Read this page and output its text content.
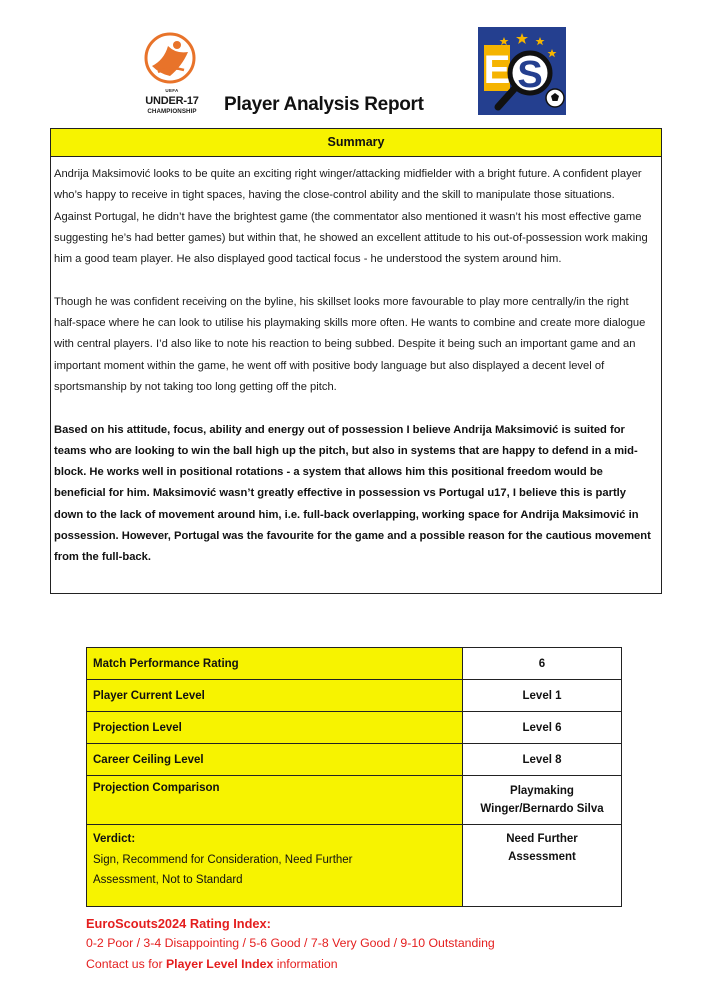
UEFA
UNDER-17
CHAMPIONSHIP	Player Analysis Report
E S
Summary

Andrija Maksimović looks to be quite an exciting right winger/attacking midfielder with a bright future. A confident player who’s happy to receive in tight spaces, having the close-control ability and the skill to manipulate those situations. Against Portugal, he didn’t have the brightest game (the commentator also mentioned it wasn’t his most effective game suggesting he’s had better games) but within that, he showed an excellent attitude to his out-of-possession work making him a good team player. He also displayed good tactical focus - he understood the system around him.

Though he was confident receiving on the byline, his skillset looks more favourable to play more centrally/in the right half-space where he can look to utilise his playmaking skills more often. He wants to combine and create more dialogue with central players. I’d also like to note his reaction to being subbed. Despite it being such an important game and an important moment within the game, he went off with positive body language but also displayed a decent level of sportsmanship by not taking too long getting off the pitch.

Based on his attitude, focus, ability and energy out of possession I believe Andrija Maksimović is suited for teams who are looking to win the ball high up the pitch, but also in systems that are happy to defend in a mid-block. He works well in positional rotations - a system that allows him this positional freedom would be beneficial for him. Maksimović wasn’t greatly effective in possession vs Portugal u17, I believe this is partly down to the lack of movement around him, i.e. full-back overlapping, working space for Andrija Maksimović in possession. However, Portugal was the favourite for the game and a possible reason for the cautious movement from the full-back.

Match Performance Rating	6
Player Current Level	Level 1
Projection Level	Level 6
Career Ceiling Level	Level 8
Projection Comparison	Playmaking
Winger/Bernardo Silva

Verdict:
Sign, Recommend for Consideration, Need Further
Assessment, Not to Standard	Need Further
Assessment
EuroScouts2024 Rating Index:
0-2 Poor / 3-4 Disappointing / 5-6 Good / 7-8 Very Good / 9-10 Outstanding
Contact us for Player Level Index information
